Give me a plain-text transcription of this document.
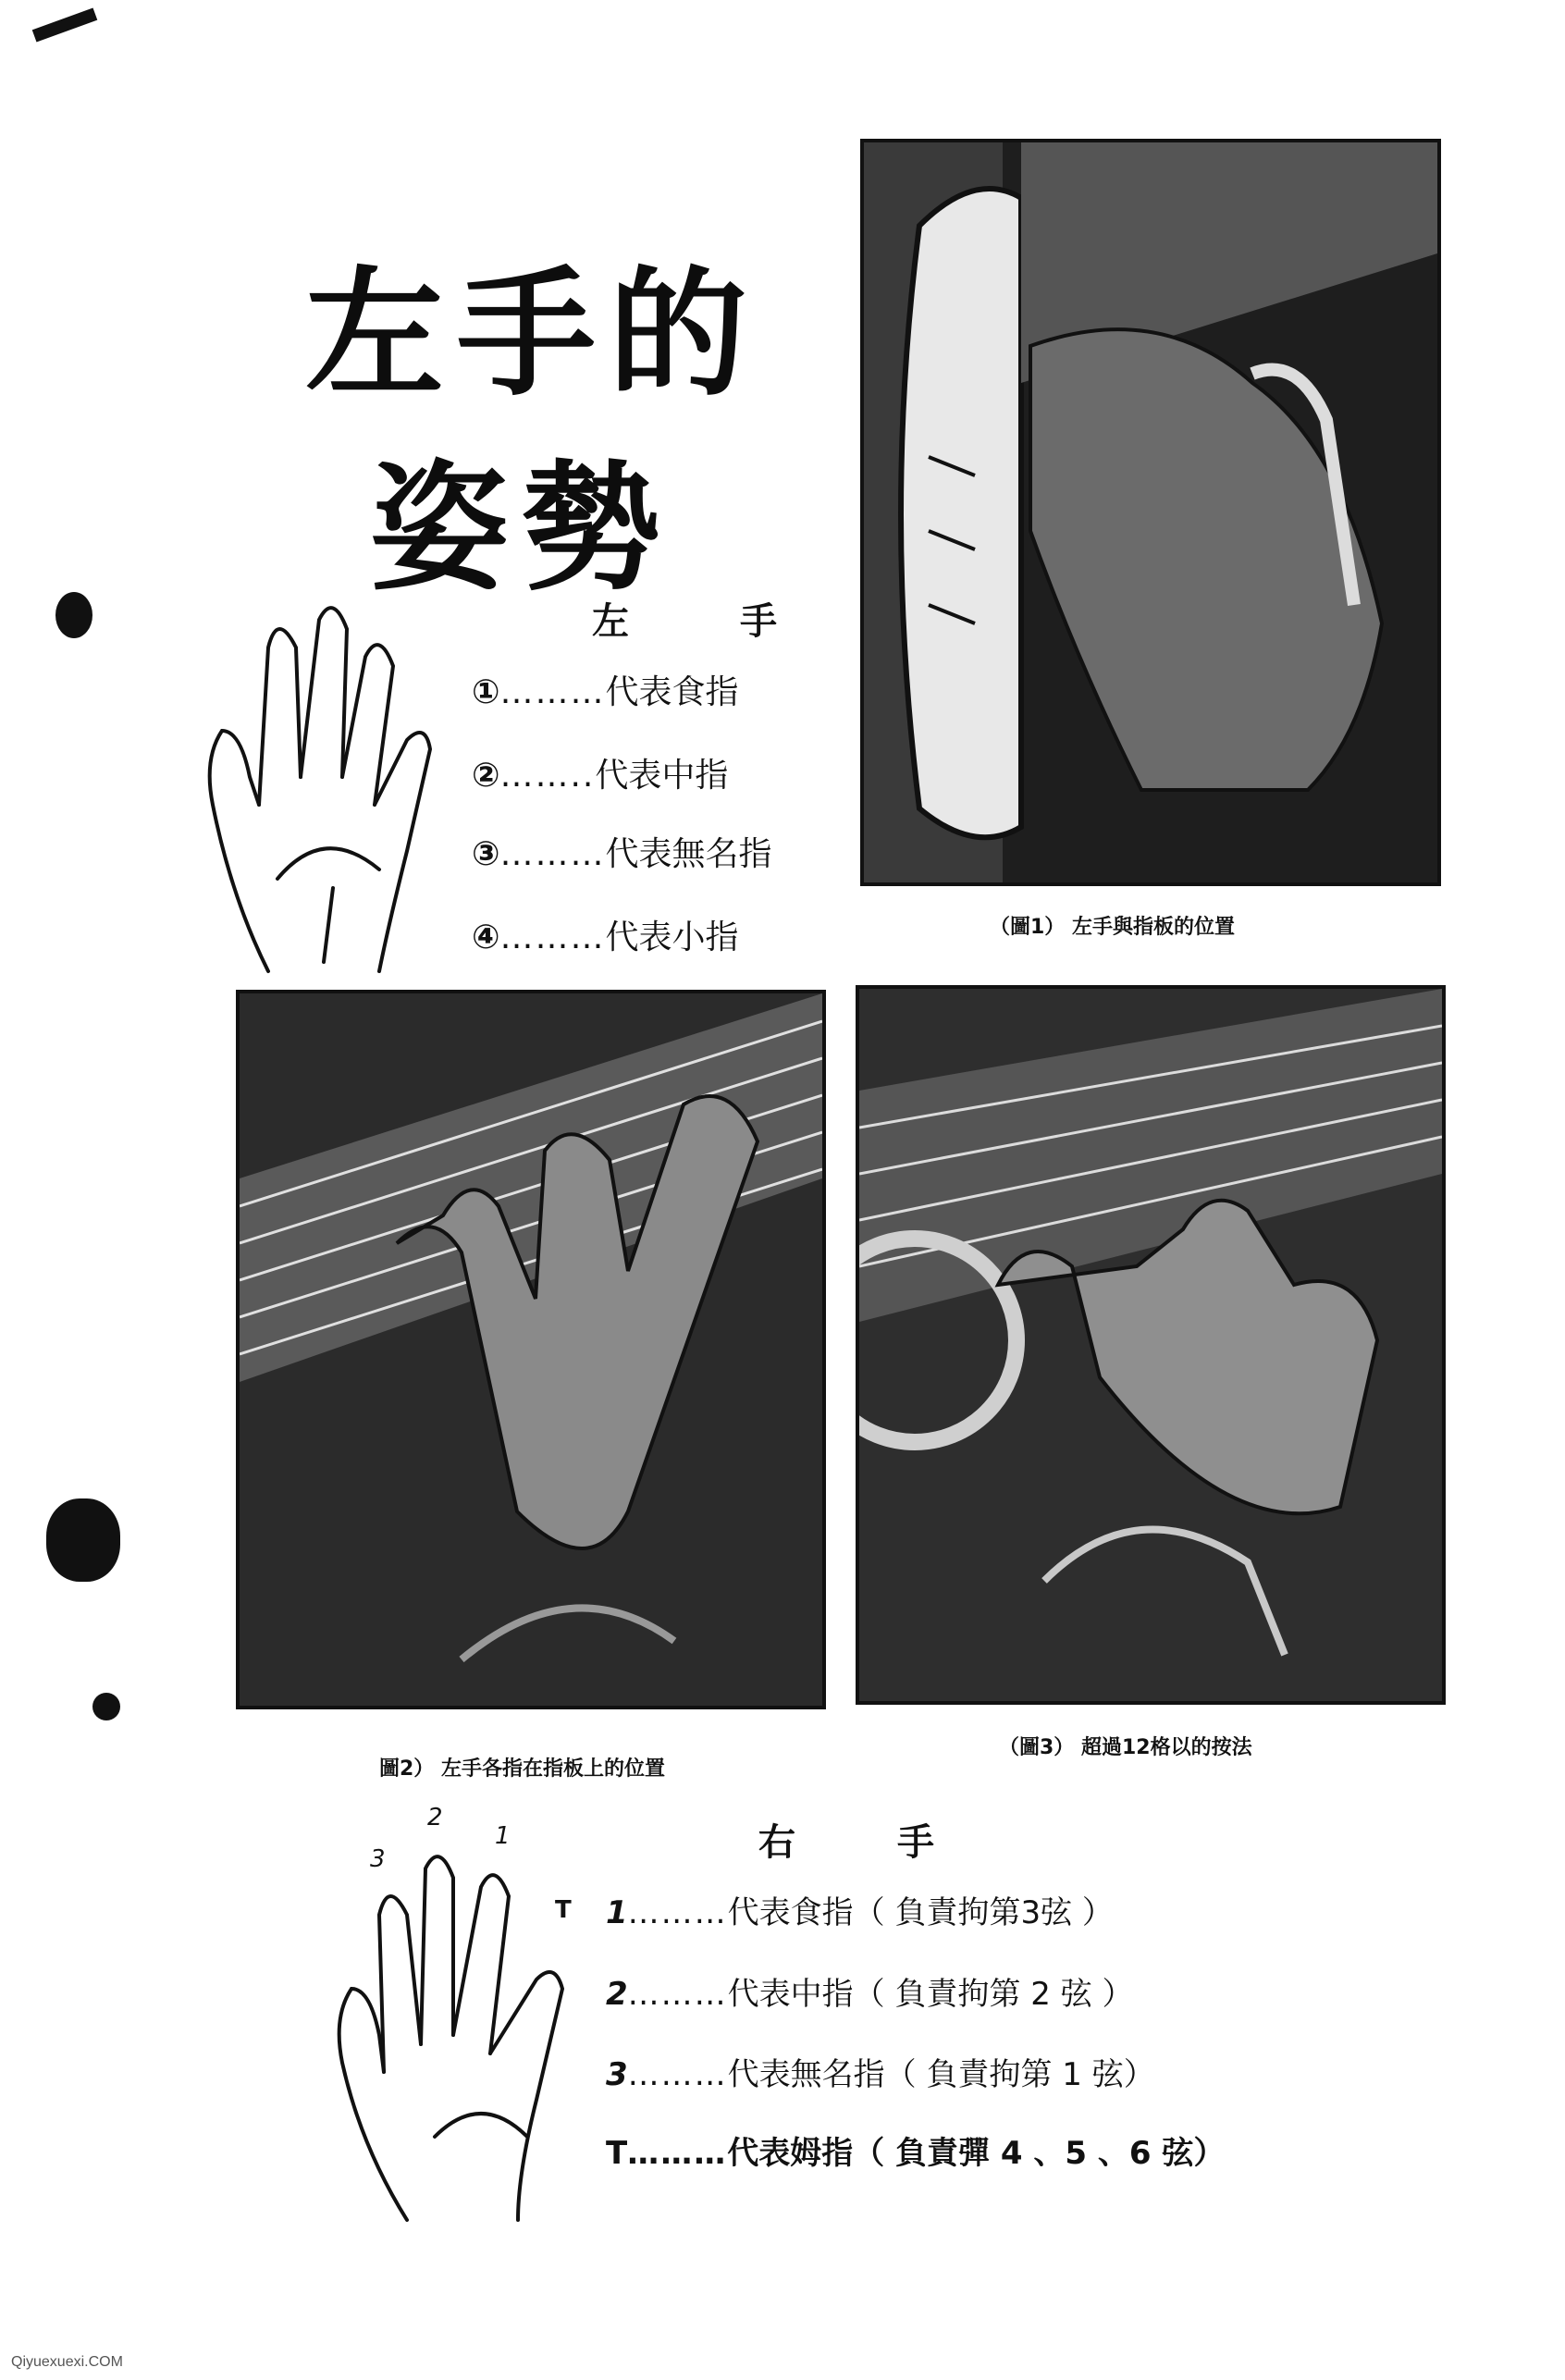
左手的
姿勢
（圖1） 左手與指板的位置
左	手
①………代表食指
②……..代表中指
③………代表無名指
④………代表小指
圖2） 左手各指在指板上的位置
（圖3） 超過12格以的按法
3
2
1
T
右	手
1………代表食指（ 負責拘第3弦 ）
2………代表中指（ 負責拘第 2 弦 ）
3………代表無名指（ 負責拘第 1 弦）
T………代表姆指（ 負責彈 4 、5 、6 弦）
Qiyuexuexi.COM
